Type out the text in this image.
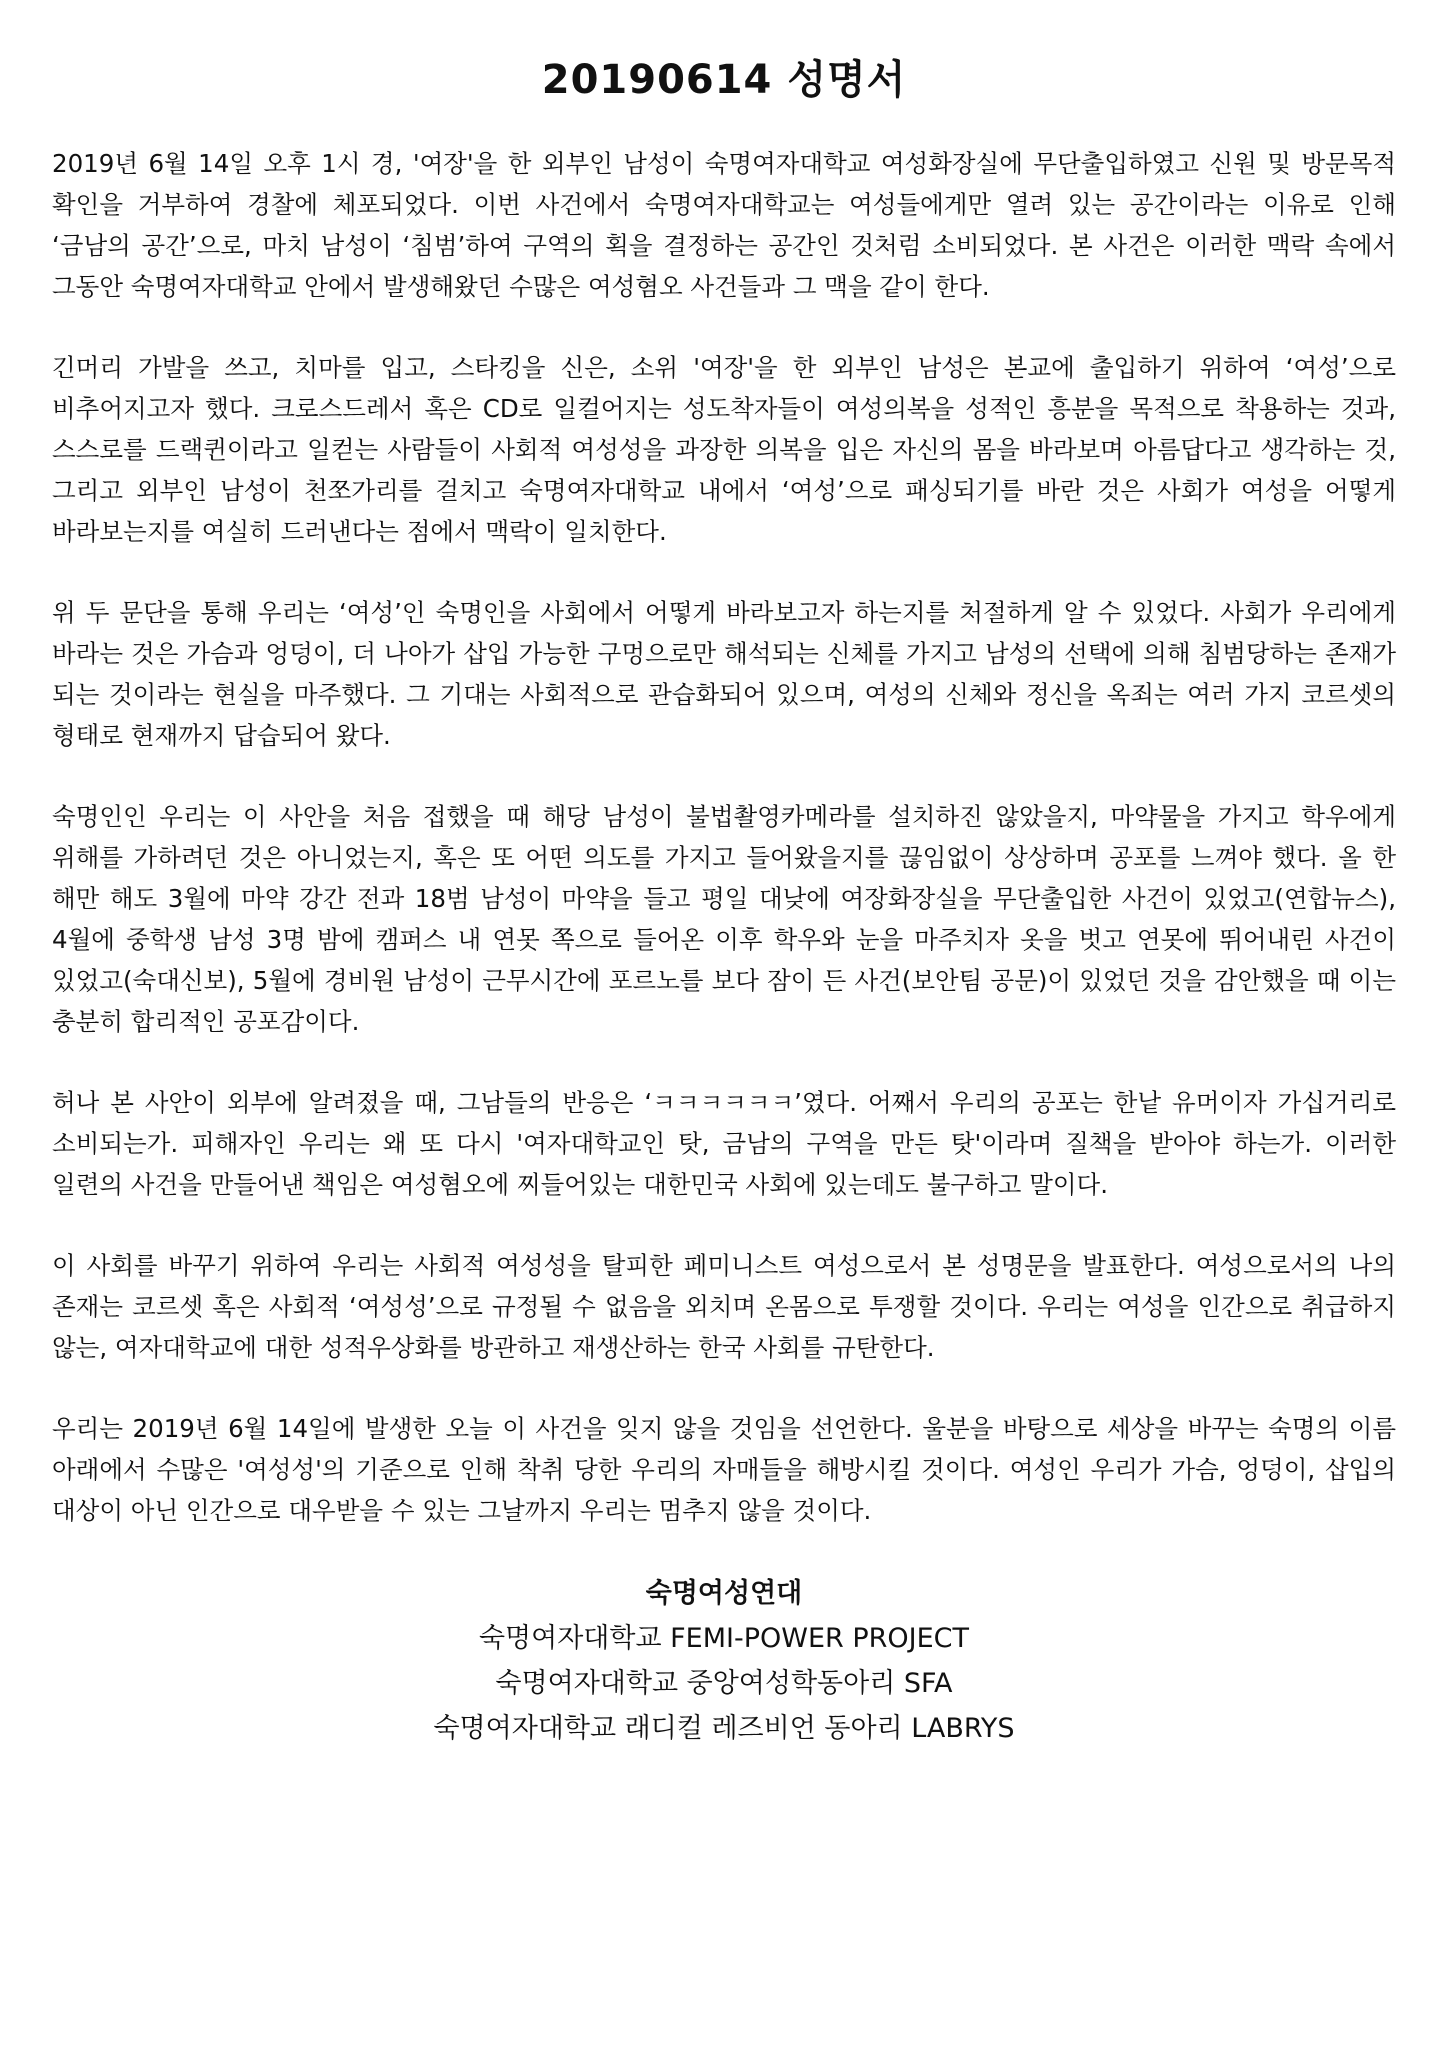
20190614 성명서

2019년 6월 14일 오후 1시 경, '여장'을 한 외부인 남성이 숙명여자대학교 여성화장실에 무단출입하였고 신원 및 방문목적 확인을 거부하여 경찰에 체포되었다. 이번 사건에서 숙명여자대학교는 여성들에게만 열려 있는 공간이라는 이유로 인해 ‘금남의 공간’으로, 마치 남성이 ‘침범’하여 구역의 획을 결정하는 공간인 것처럼 소비되었다. 본 사건은 이러한 맥락 속에서 그동안 숙명여자대학교 안에서 발생해왔던 수많은 여성혐오 사건들과 그 맥을 같이 한다.

긴머리 가발을 쓰고, 치마를 입고, 스타킹을 신은, 소위 '여장'을 한 외부인 남성은 본교에 출입하기 위하여 ‘여성’으로 비추어지고자 했다. 크로스드레서 혹은 CD로 일컬어지는 성도착자들이 여성의복을 성적인 흥분을 목적으로 착용하는 것과, 스스로를 드랙퀸이라고 일컫는 사람들이 사회적 여성성을 과장한 의복을 입은 자신의 몸을 바라보며 아름답다고 생각하는 것, 그리고 외부인 남성이 천쪼가리를 걸치고 숙명여자대학교 내에서 ‘여성’으로 패싱되기를 바란 것은 사회가 여성을 어떻게 바라보는지를 여실히 드러낸다는 점에서 맥락이 일치한다.

위 두 문단을 통해 우리는 ‘여성’인 숙명인을 사회에서 어떻게 바라보고자 하는지를 처절하게 알 수 있었다. 사회가 우리에게 바라는 것은 가슴과 엉덩이, 더 나아가 삽입 가능한 구멍으로만 해석되는 신체를 가지고 남성의 선택에 의해 침범당하는 존재가 되는 것이라는 현실을 마주했다. 그 기대는 사회적으로 관습화되어 있으며, 여성의 신체와 정신을 옥죄는 여러 가지 코르셋의 형태로 현재까지 답습되어 왔다.

숙명인인 우리는 이 사안을 처음 접했을 때 해당 남성이 불법촬영카메라를 설치하진 않았을지, 마약물을 가지고 학우에게 위해를 가하려던 것은 아니었는지, 혹은 또 어떤 의도를 가지고 들어왔을지를 끊임없이 상상하며 공포를 느껴야 했다. 올 한 해만 해도 3월에 마약 강간 전과 18범 남성이 마약을 들고 평일 대낮에 여장화장실을 무단출입한 사건이 있었고(연합뉴스), 4월에 중학생 남성 3명 밤에 캠퍼스 내 연못 쪽으로 들어온 이후 학우와 눈을 마주치자 옷을 벗고 연못에 뛰어내린 사건이 있었고(숙대신보), 5월에 경비원 남성이 근무시간에 포르노를 보다 잠이 든 사건(보안팀 공문)이 있었던 것을 감안했을 때 이는 충분히 합리적인 공포감이다.

허나 본 사안이 외부에 알려졌을 때, 그남들의 반응은 ‘ㅋㅋㅋㅋㅋㅋ’였다. 어째서 우리의 공포는 한낱 유머이자 가십거리로 소비되는가. 피해자인 우리는 왜 또 다시 '여자대학교인 탓, 금남의 구역을 만든 탓'이라며 질책을 받아야 하는가. 이러한 일련의 사건을 만들어낸 책임은 여성혐오에 찌들어있는 대한민국 사회에 있는데도 불구하고 말이다.

이 사회를 바꾸기 위하여 우리는 사회적 여성성을 탈피한 페미니스트 여성으로서 본 성명문을 발표한다. 여성으로서의 나의 존재는 코르셋 혹은 사회적 ‘여성성’으로 규정될 수 없음을 외치며 온몸으로 투쟁할 것이다. 우리는 여성을 인간으로 취급하지 않는, 여자대학교에 대한 성적우상화를 방관하고 재생산하는 한국 사회를 규탄한다.

우리는 2019년 6월 14일에 발생한 오늘 이 사건을 잊지 않을 것임을 선언한다. 울분을 바탕으로 세상을 바꾸는 숙명의 이름 아래에서 수많은 '여성성'의 기준으로 인해 착취 당한 우리의 자매들을 해방시킬 것이다. 여성인 우리가 가슴, 엉덩이, 삽입의 대상이 아닌 인간으로 대우받을 수 있는 그날까지 우리는 멈추지 않을 것이다.

숙명여성연대
숙명여자대학교 FEMI-POWER PROJECT
숙명여자대학교 중앙여성학동아리 SFA
숙명여자대학교 래디컬 레즈비언 동아리 LABRYS
